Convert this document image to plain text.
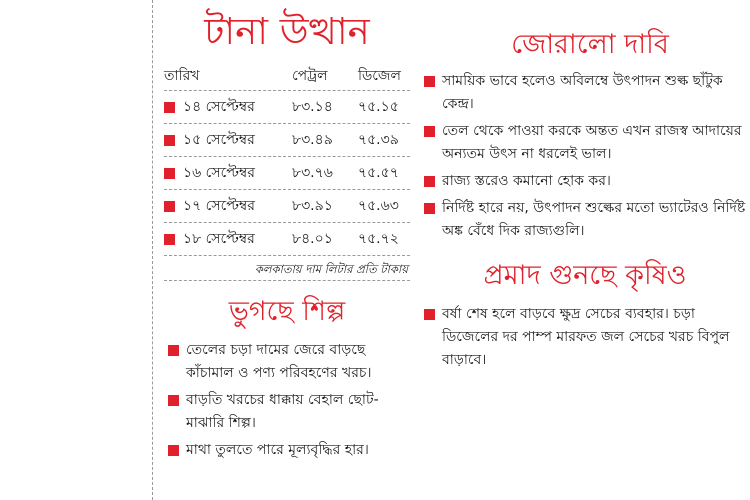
টানা উত্থান
তারিখ	পেট্রল	ডিজেল
১৪ সেপ্টেম্বর	৮৩.১৪	৭৫.১৫
১৫ সেপ্টেম্বর	৮৩.৪৯	৭৫.৩৯
১৬ সেপ্টেম্বর	৮৩.৭৬	৭৫.৫৭
১৭ সেপ্টেম্বর	৮৩.৯১	৭৫.৬৩
১৮ সেপ্টেম্বর	৮৪.০১	৭৫.৭২
কলকাতায় দাম লিটার প্রতি টাকায়
ভুগছে শিল্প
তেলের চড়া দামের জেরে বাড়ছে কাঁচামাল ও পণ্য পরিবহণের খরচ।
বাড়তি খরচের ধাক্কায় বেহাল ছোট-মাঝারি শিল্প।
মাথা তুলতে পারে মূল্যবৃদ্ধির হার।
জোরালো দাবি
সাময়িক ভাবে হলেও অবিলম্বে উৎপাদন শুল্ক ছাঁটুক কেন্দ্র।
তেল থেকে পাওয়া করকে অন্তত এখন রাজস্ব আদায়ের অন্যতম উৎস না ধরলেই ভাল।
রাজ্য স্তরেও কমানো হোক কর।
নির্দিষ্ট হারে নয়, উৎপাদন শুল্কের মতো ভ্যাটেরও নির্দিষ্ট অঙ্ক বেঁধে দিক রাজ্যগুলি।
প্রমাদ গুনছে কৃষিও
বর্ষা শেষ হলে বাড়বে ক্ষুদ্র সেচের ব্যবহার। চড়া ডিজেলের দর পাম্প মারফত জল সেচের খরচ বিপুল বাড়াবে।
